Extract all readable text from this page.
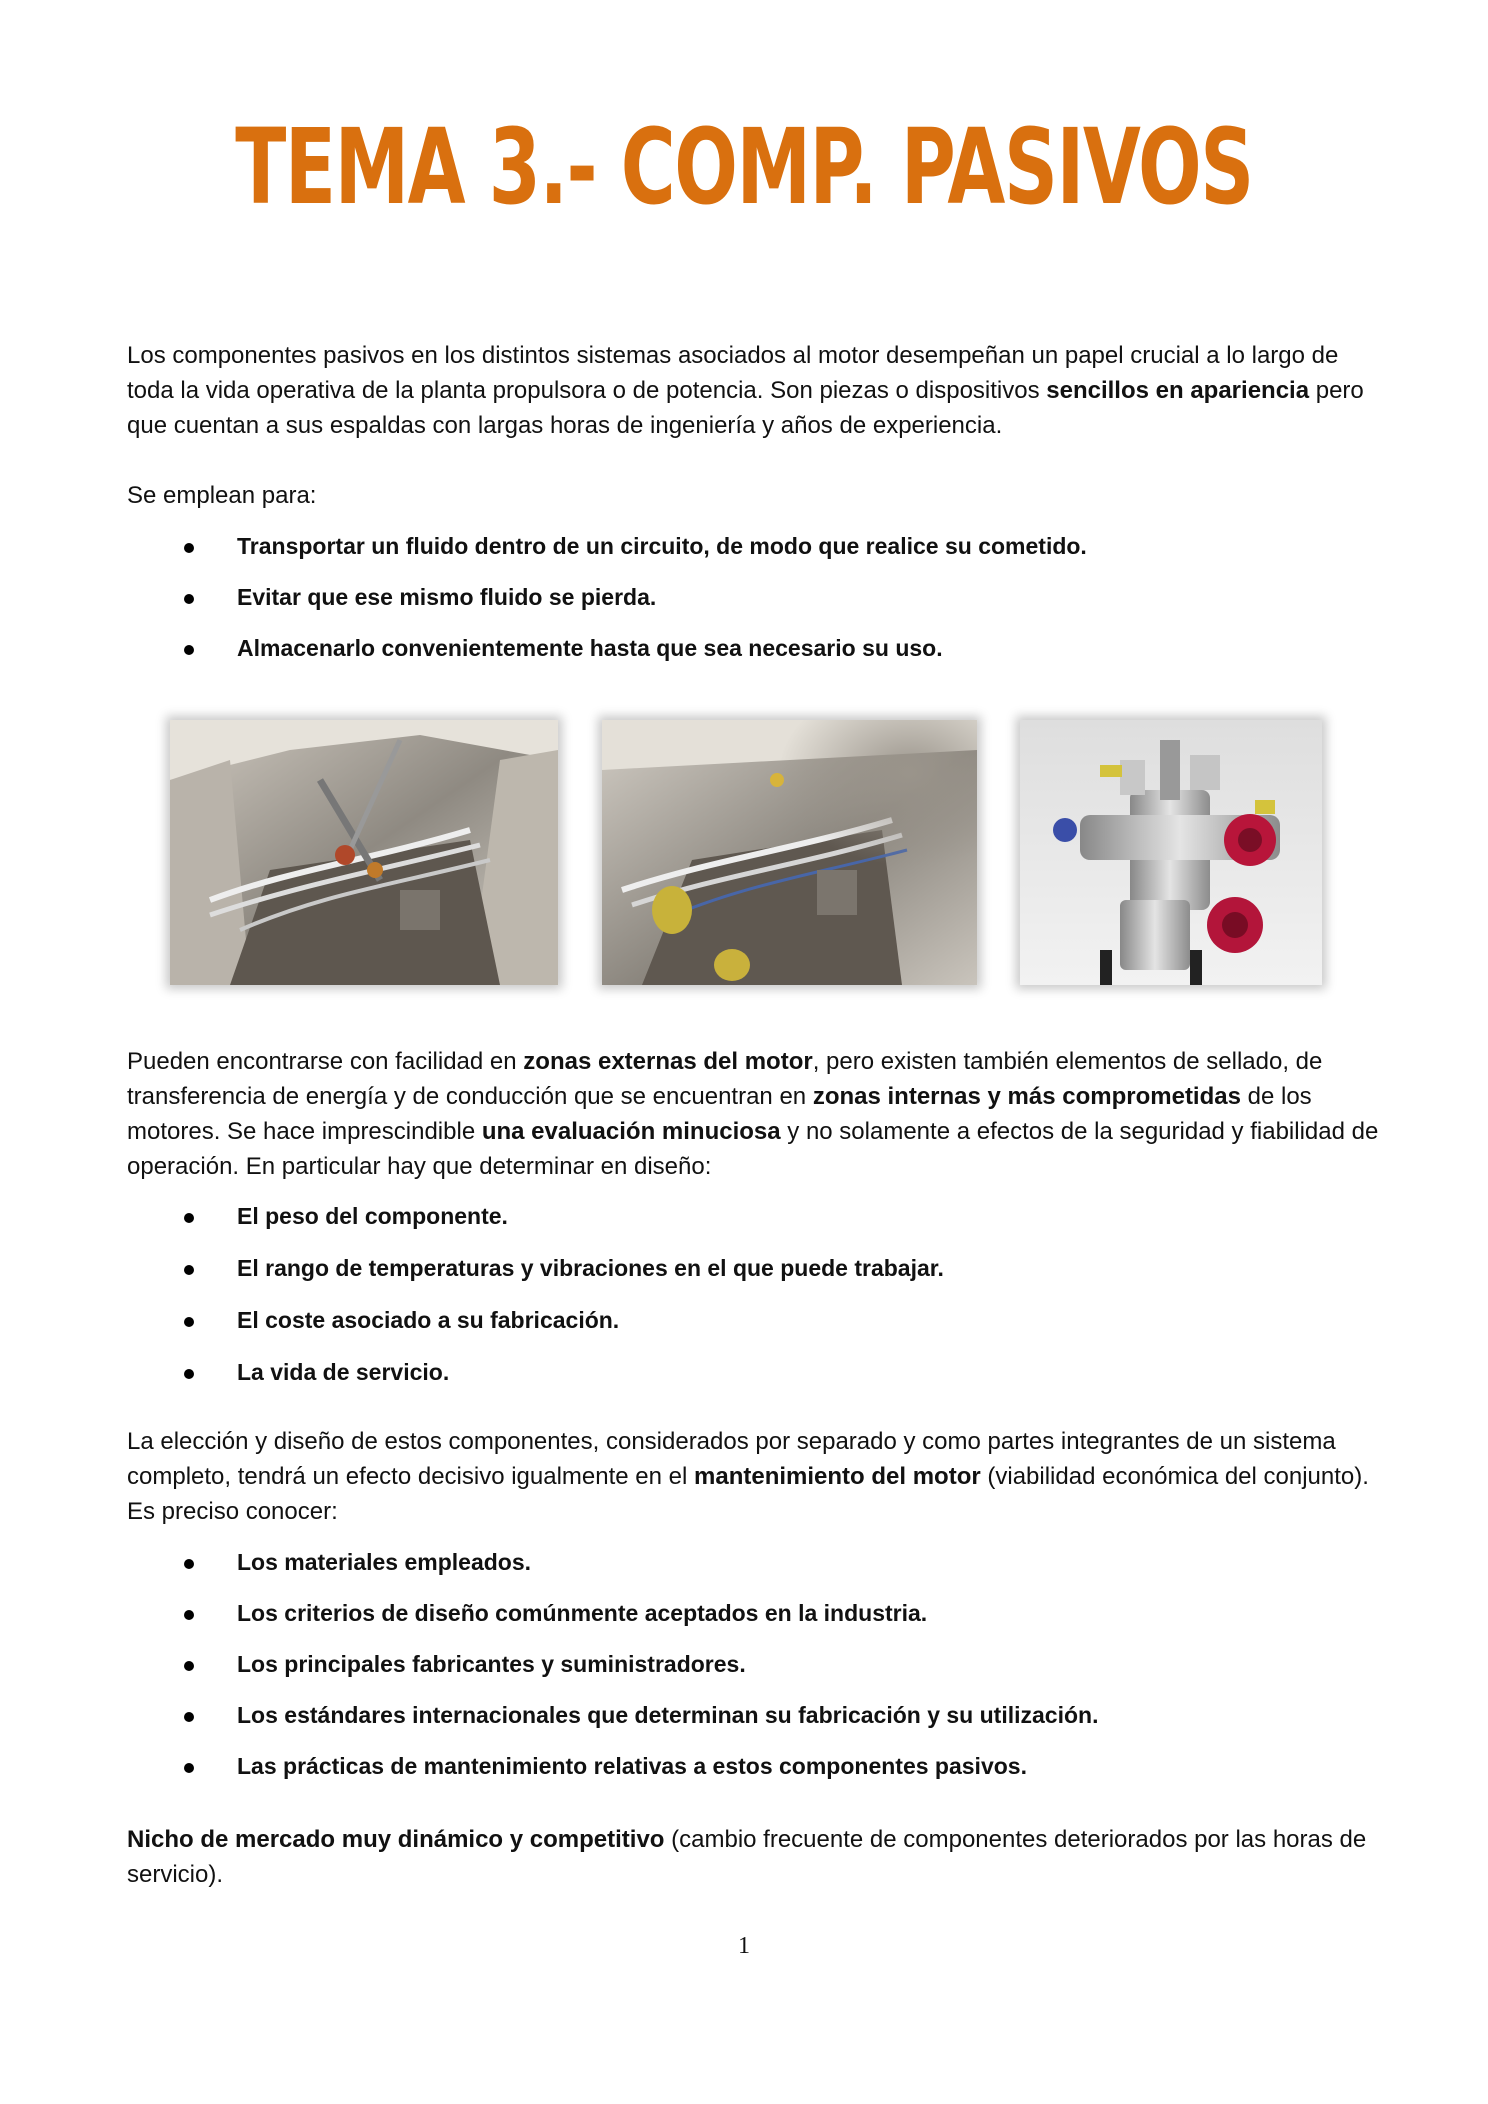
TEMA 3.- COMP. PASIVOS

Los componentes pasivos en los distintos sistemas asociados al motor desempeñan un papel crucial a lo largo de toda la vida operativa de la planta propulsora o de potencia. Son piezas o dispositivos sencillos en apariencia pero que cuentan a sus espaldas con largas horas de ingeniería y años de experiencia.

Se emplean para:

Transportar un fluido dentro de un circuito, de modo que realice su cometido.
Evitar que ese mismo fluido se pierda.
Almacenarlo convenientemente hasta que sea necesario su uso.

Pueden encontrarse con facilidad en zonas externas del motor, pero existen también elementos de sellado, de transferencia de energía y de conducción que se encuentran en zonas internas y más comprometidas de los motores. Se hace imprescindible una evaluación minuciosa y no solamente a efectos de la seguridad y fiabilidad de operación. En particular hay que determinar en diseño:

El peso del componente.
El rango de temperaturas y vibraciones en el que puede trabajar.
El coste asociado a su fabricación.
La vida de servicio.

La elección y diseño de estos componentes, considerados por separado y como partes integrantes de un sistema completo, tendrá un efecto decisivo igualmente en el mantenimiento del motor (viabilidad económica del conjunto). Es preciso conocer:

Los materiales empleados.
Los criterios de diseño comúnmente aceptados en la industria.
Los principales fabricantes y suministradores.
Los estándares internacionales que determinan su fabricación y su utilización.
Las prácticas de mantenimiento relativas a estos componentes pasivos.

Nicho de mercado muy dinámico y competitivo (cambio frecuente de componentes deteriorados por las horas de servicio).

1
